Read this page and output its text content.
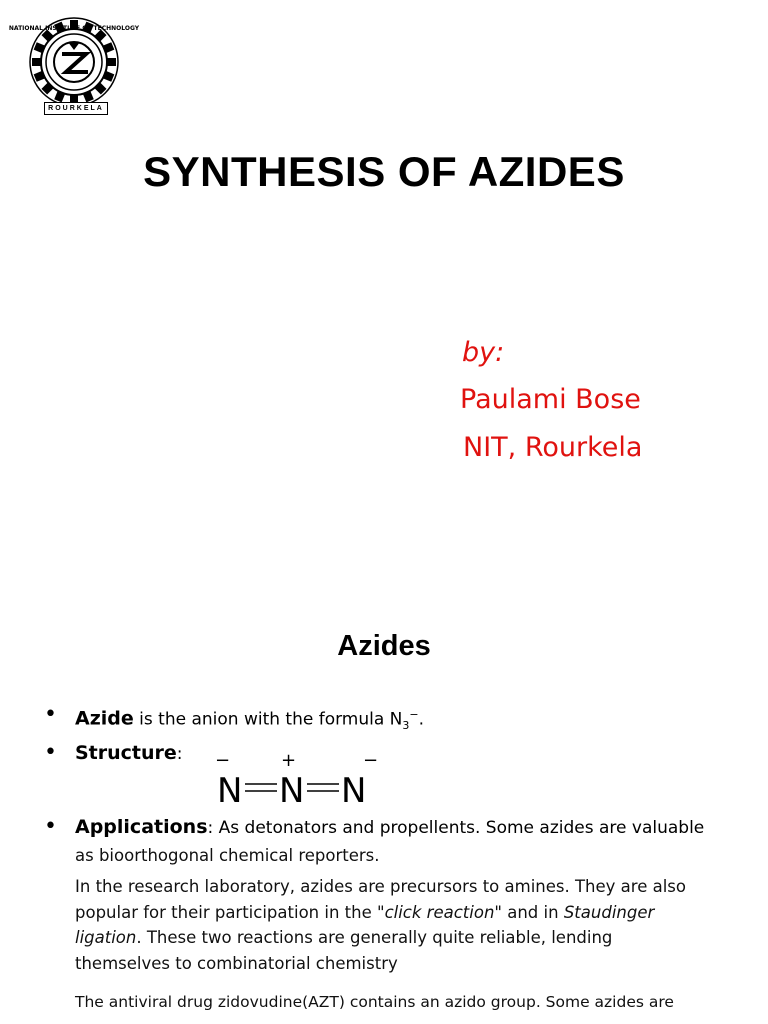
NATIONAL INSTITUTE OF TECHNOLOGY
ROURKELA
SYNTHESIS OF AZIDES
by:
Paulami Bose
NIT, Rourkela
Azides
• Azide is the anion with the formula $N_3^-$.
• Structure: −	+	−
N N N
• Applications: As detonators and propellents. Some azides are valuable
as bioorthogonal chemical reporters.
In the research laboratory, azides are precursors to amines. They are also
popular for their participation in the "click reaction" and in Staudinger
ligation. These two reactions are generally quite reliable, lending
themselves to combinatorial chemistry
The antiviral drug zidovudine(AZT) contains an azido group. Some azides are
